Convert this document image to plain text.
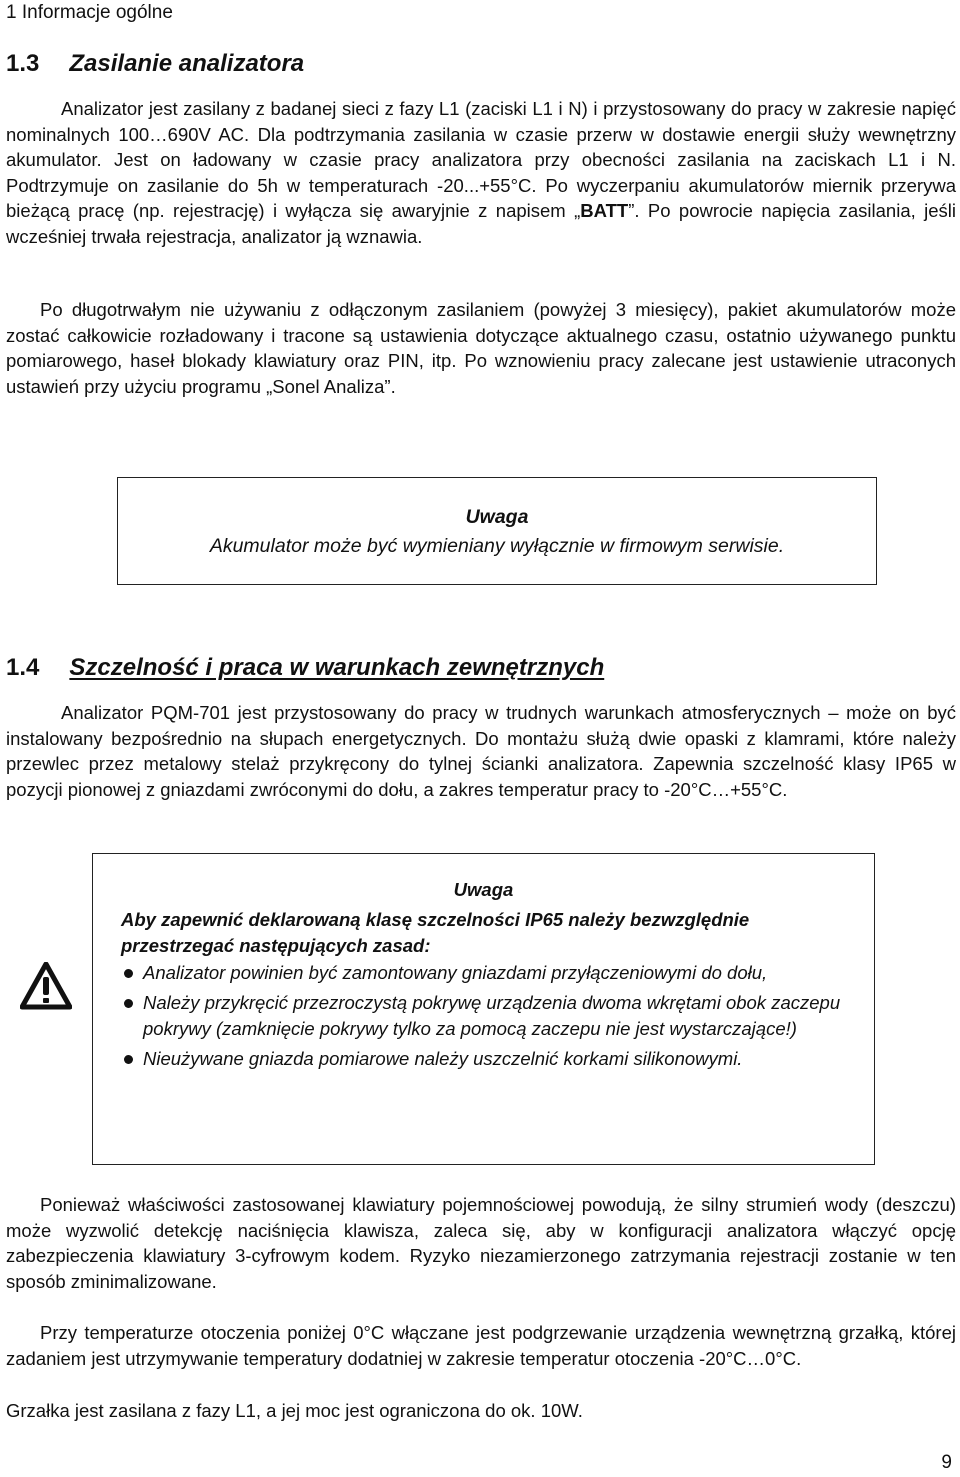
1 Informacje ogólne
1.3 Zasilanie analizatora

Analizator jest zasilany z badanej sieci z fazy L1 (zaciski L1 i N) i przystosowany do pracy w zakresie napięć nominalnych 100…690V AC. Dla podtrzymania zasilania w czasie przerw w dostawie energii służy wewnętrzny akumulator. Jest on ładowany w czasie pracy analizatora przy obecności zasilania na zaciskach L1 i N. Podtrzymuje on zasilanie do 5h w temperaturach -20...+55°C. Po wyczerpaniu akumulatorów miernik przerywa bieżącą pracę (np. rejestrację) i wyłącza się awaryjnie z napisem „BATT”. Po powrocie napięcia zasilania, jeśli wcześniej trwała rejestracja, analizator ją wznawia.

Po długotrwałym nie używaniu z odłączonym zasilaniem (powyżej 3 miesięcy), pakiet akumulatorów może zostać całkowicie rozładowany i tracone są ustawienia dotyczące aktualnego czasu, ostatnio używanego punktu pomiarowego, haseł blokady klawiatury oraz PIN, itp. Po wznowieniu pracy zalecane jest ustawienie utraconych ustawień przy użyciu programu „Sonel Analiza”.

Uwaga
Akumulator może być wymieniany wyłącznie w firmowym serwisie.
1.4 Szczelność i praca w warunkach zewnętrznych

Analizator PQM-701 jest przystosowany do pracy w trudnych warunkach atmosferycznych – może on być instalowany bezpośrednio na słupach energetycznych. Do montażu służą dwie opaski z klamrami, które należy przewlec przez metalowy stelaż przykręcony do tylnej ścianki analizatora. Zapewnia szczelność klasy IP65 w pozycji pionowej z gniazdami zwróconymi do dołu, a zakres temperatur pracy to -20°C…+55°C.

Uwaga
Aby zapewnić deklarowaną klasę szczelności IP65 należy bezwzględnie przestrzegać następujących zasad:
Analizator powinien być zamontowany gniazdami przyłączeniowymi do dołu,
Należy przykręcić przezroczystą pokrywę urządzenia dwoma wkrętami obok zaczepu pokrywy (zamknięcie pokrywy tylko za pomocą zaczepu nie jest wystarczające!)
Nieużywane gniazda pomiarowe należy uszczelnić korkami silikonowymi.

Ponieważ właściwości zastosowanej klawiatury pojemnościowej powodują, że silny strumień wody (deszczu) może wyzwolić detekcję naciśnięcia klawisza, zaleca się, aby w konfiguracji analizatora włączyć opcję zabezpieczenia klawiatury 3-cyfrowym kodem. Ryzyko niezamierzonego zatrzymania rejestracji zostanie w ten sposób zminimalizowane.

Przy temperaturze otoczenia poniżej 0°C włączane jest podgrzewanie urządzenia wewnętrzną grzałką, której zadaniem jest utrzymywanie temperatury dodatniej w zakresie temperatur otoczenia -20°C…0°C.

Grzałka jest zasilana z fazy L1, a jej moc jest ograniczona do ok. 10W.

9
